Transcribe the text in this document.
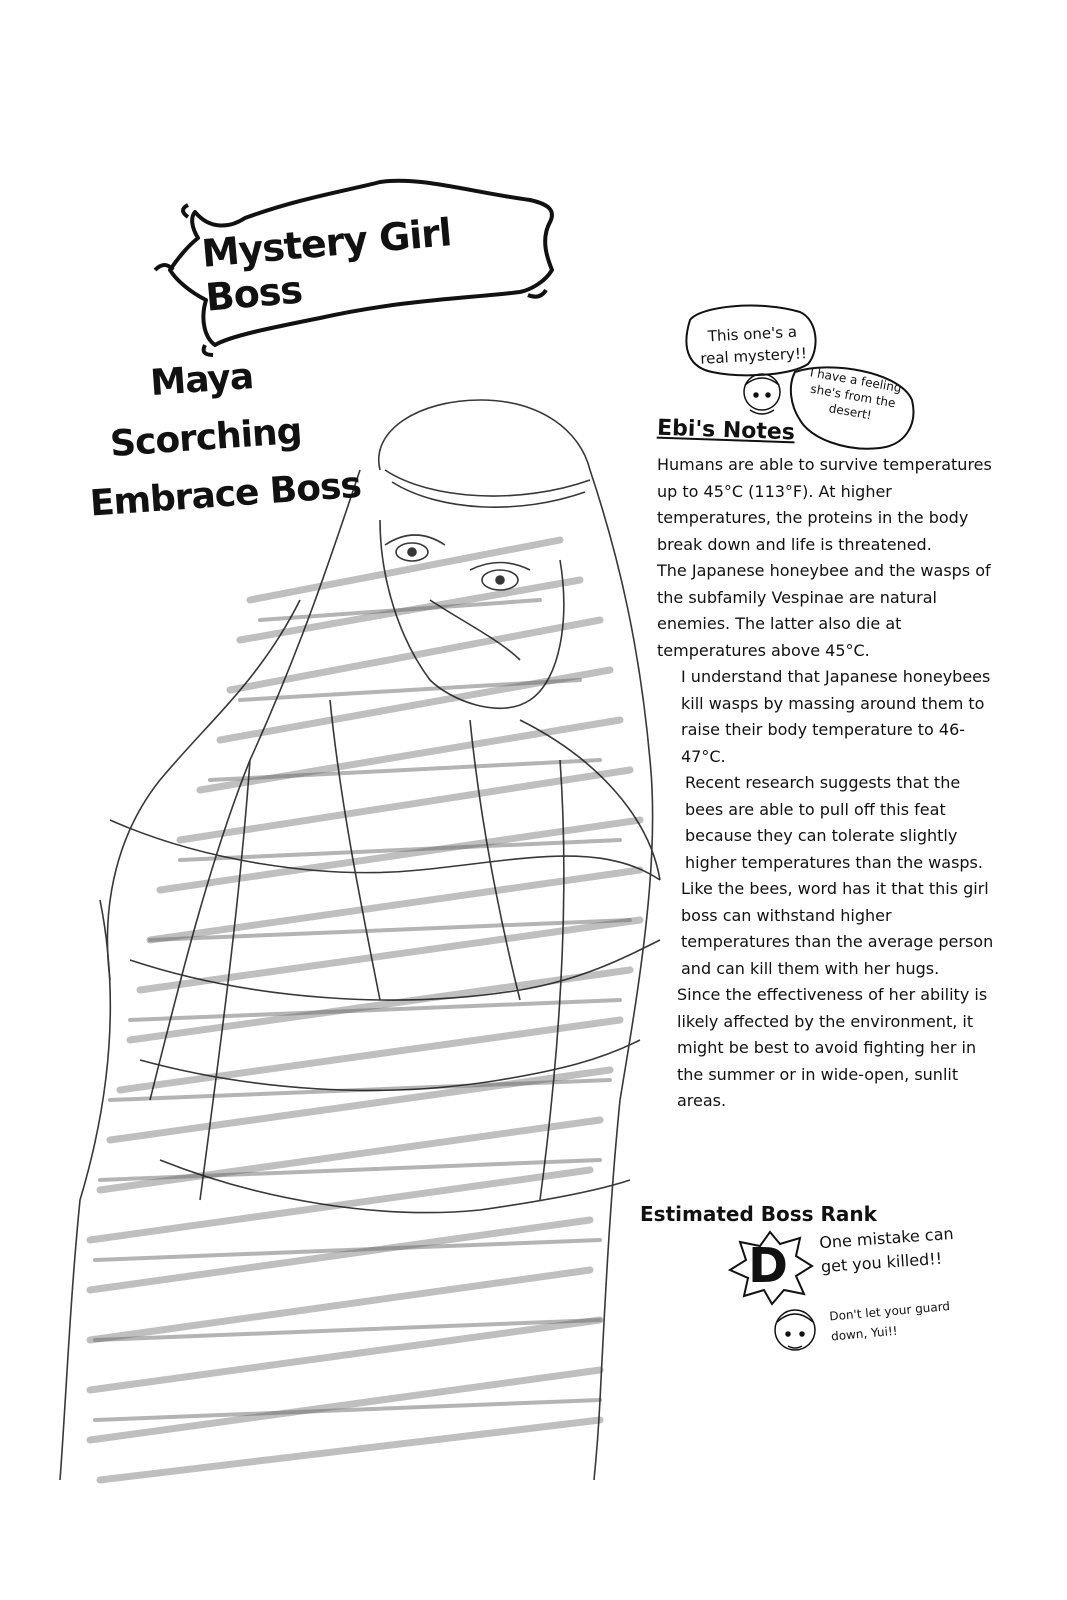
Mystery Girl Boss
Maya
Scorching
Embrace Boss
This one's a real mystery!!
I have a feeling she's from the desert!
Ebi's Notes

Humans are able to survive temperatures up to 45°C (113°F). At higher temperatures, the proteins in the body break down and life is threatened.

The Japanese honeybee and the wasps of the subfamily Vespinae are natural enemies. The latter also die at temperatures above 45°C.

I understand that Japanese honeybees kill wasps by massing around them to raise their body temperature to 46-47°C.

Recent research suggests that the bees are able to pull off this feat because they can tolerate slightly higher temperatures than the wasps.

Like the bees, word has it that this girl boss can withstand higher temperatures than the average person and can kill them with her hugs.

Since the effectiveness of her ability is likely affected by the environment, it might be best to avoid fighting her in the summer or in wide-open, sunlit areas.

Estimated Boss Rank
D	One mistake can get you killed!!
Don't let your guard down, Yui!!
